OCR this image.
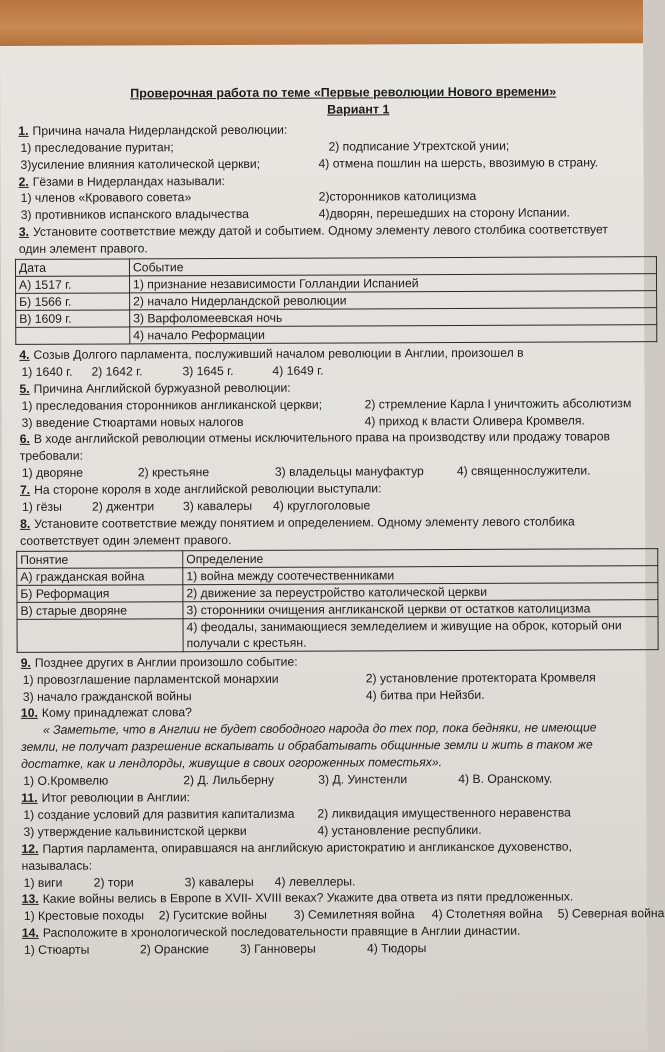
Проверочная работа по теме «Первые революции Нового времени»
Вариант 1
1. Причина начала Нидерландской революции:
1) преследование пуритан;	2) подписание Утрехтской унии;
3)усиление влияния католической церкви;	4) отмена пошлин на шерсть, ввозимую в страну.
2. Гёзами в Нидерландах называли:
1) членов «Кровавого совета»	2)сторонников католицизма
3) противников испанского владычества	4)дворян, перешедших на сторону Испании.
3. Установите соответствие между датой и событием. Одному элементу левого столбика соответствует
один элемент правого.
Дата	Событие
А) 1517 г.	1) признание независимости Голландии Испанией
Б) 1566 г.	2) начало Нидерландской революции
В) 1609 г.	3) Варфоломеевская ночь
	4) начало Реформации
4. Созыв Долгого парламента, послуживший началом революции в Англии, произошел в
1) 1640 г. 2) 1642 г.	3) 1645 г.	4) 1649 г.
5. Причина Английской буржуазной революции:
1) преследования сторонников англиканской церкви;	2) стремление Карла I уничтожить абсолютизм
3) введение Стюартами новых налогов	4) приход к власти Оливера Кромвеля.
6. В ходе английской революции отмены исключительного права на производству или продажу товаров
требовали:
1) дворяне	2) крестьяне	3) владельцы мануфактур	4) священнослужители.
7. На стороне короля в ходе английской революции выступали:
1) гёзы 2) джентри 3) кавалеры 4) круглоголовые
8. Установите соответствие между понятием и определением. Одному элементу левого столбика
соответствует один элемент правого.
Понятие	Определение
А) гражданская война	1) война между соотечественниками
Б) Реформация	2) движение за переустройство католической церкви
В) старые дворяне	3) сторонники очищения англиканской церкви от остатков католицизма

	4) феодалы, занимающиеся земледелием и живущие на оброк, который они
получали с крестьян.
9. Позднее других в Англии произошло событие:
1) провозглашение парламентской монархии	2) установление протектората Кромвеля
3) начало гражданской войны	4) битва при Нейзби.
10. Кому принадлежат слова?
« Заметьте, что в Англии не будет свободного народа до тех пор, пока бедняки, не имеющие
земли, не получат разрешение вскапывать и обрабатывать общинные земли и жить в таком же
достатке, как и лендлорды, живущие в своих огороженных поместьях».
1) О.Кромвелю	2) Д. Лильберну	3) Д. Уинстенли	4) В. Оранскому.
11. Итог революции в Англии:
1) создание условий для развития капитализма 2) ликвидация имущественного неравенства
3) утверждение кальвинистской церкви	4) установление республики.
12. Партия парламента, опиравшаяся на английскую аристократию и англиканское духовенство,
называлась:
1) виги	2) тори	3) кавалеры 4) левеллеры.
13. Какие войны велись в Европе в XVII- XVIII веках? Укажите два ответа из пяти предложенных.
1) Крестовые походы 2) Гуситские войны 3) Семилетняя война 4) Столетняя война 5) Северная война
14. Расположите в хронологической последовательности правящие в Англии династии.
1) Стюарты	2) Оранские	3) Ганноверы	4) Тюдоры
